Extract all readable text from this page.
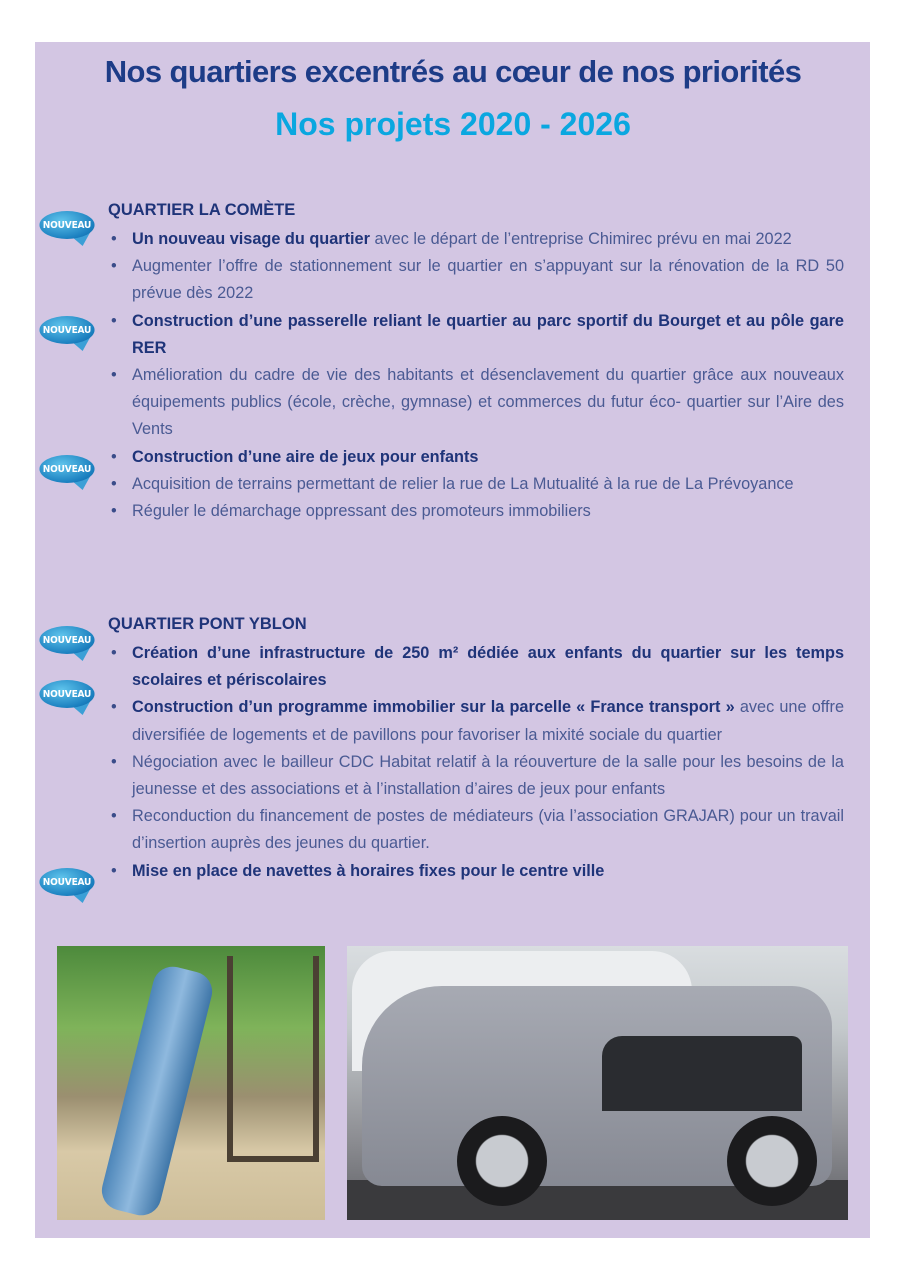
Nos quartiers excentrés au cœur de nos priorités
Nos projets 2020 - 2026
QUARTIER LA COMÈTE
• Un nouveau visage du quartier avec le départ de l’entreprise Chimirec prévu en mai 2022
• Augmenter l’offre de stationnement sur le quartier en s’appuyant sur la rénovation de la RD 50 prévue dès 2022
• Construction d’une passerelle reliant le quartier au parc sportif du Bourget et au pôle gare RER
• Amélioration du cadre de vie des habitants et désenclavement du quartier grâce aux nouveaux équipements publics (école, crèche, gymnase) et commerces du futur éco- quartier sur l’Aire des Vents
• Construction d’une aire de jeux pour enfants
• Acquisition de terrains permettant de relier la rue de La Mutualité à la rue de La Prévoyance
• Réguler le démarchage oppressant des promoteurs immobiliers
QUARTIER PONT YBLON
• Création d’une infrastructure de 250 m² dédiée aux enfants du quartier sur les temps scolaires et périscolaires
• Construction d’un programme immobilier sur la parcelle « France transport » avec une offre diversifiée de logements et de pavillons pour favoriser la mixité sociale du quartier
• Négociation avec le bailleur CDC Habitat relatif à la réouverture de la salle pour les besoins de la jeunesse et des associations et à l’installation d’aires de jeux pour enfants
• Reconduction du financement de postes de médiateurs (via l’association GRAJAR) pour un travail d’insertion auprès des jeunes du quartier.
• Mise en place de navettes à horaires fixes pour le centre ville
NOUVEAU
NOUVEAU
NOUVEAU
NOUVEAU
NOUVEAU
NOUVEAU
